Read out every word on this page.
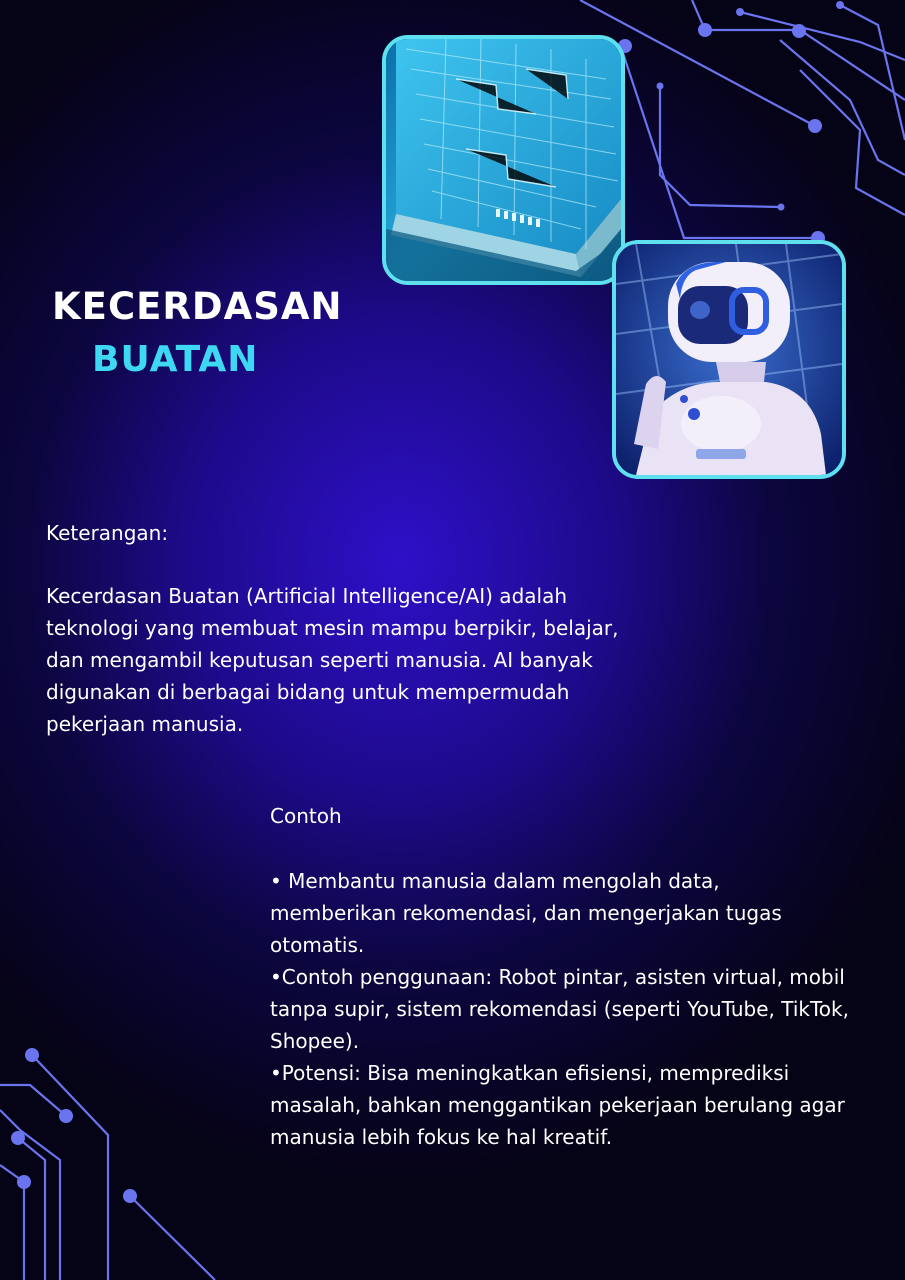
KECERDASAN
BUATAN

Keterangan:

Kecerdasan Buatan (Artificial Intelligence/AI) adalah teknologi yang membuat mesin mampu berpikir, belajar, dan mengambil keputusan seperti manusia. AI banyak digunakan di berbagai bidang untuk mempermudah pekerjaan manusia.

Contoh

• Membantu manusia dalam mengolah data, memberikan rekomendasi, dan mengerjakan tugas otomatis.
•Contoh penggunaan: Robot pintar, asisten virtual, mobil tanpa supir, sistem rekomendasi (seperti YouTube, TikTok, Shopee).
•Potensi: Bisa meningkatkan efisiensi, memprediksi masalah, bahkan menggantikan pekerjaan berulang agar manusia lebih fokus ke hal kreatif.
